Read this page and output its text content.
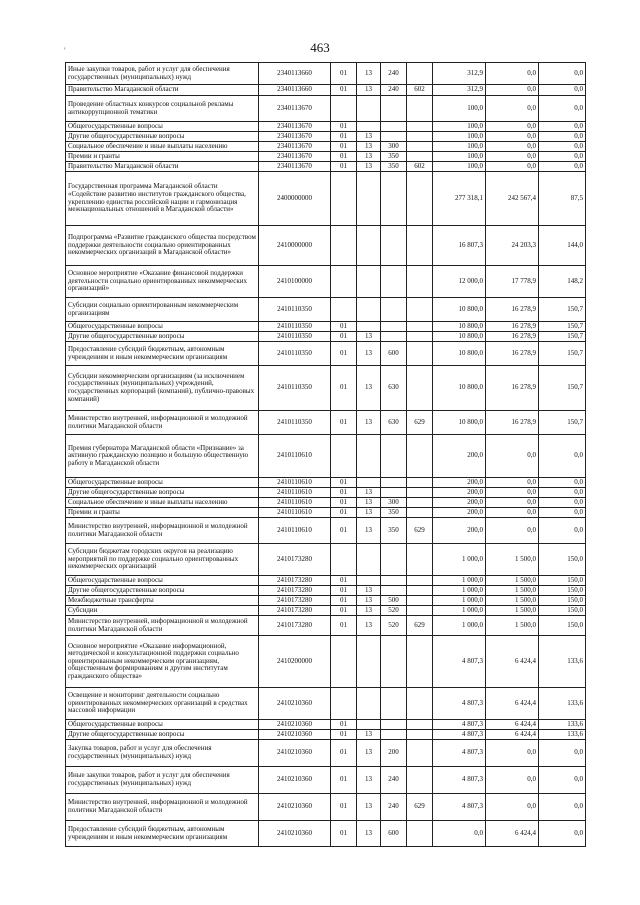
463
'
Иные закупки товаров, работ и услуг для обеспечения государственных (муниципальных) нужд	2340113660	01	13	240		312,9	0,0	0,0
Правительство Магаданской области	2340113660	01	13	240	602	312,9	0,0	0,0
Проведение областных конкурсов социальной рекламы антикоррупционной тематики	2340113670					100,0	0,0	0,0
Общегосударственные вопросы	2340113670	01				100,0	0,0	0,0
Другие общегосударственные вопросы	2340113670	01	13			100,0	0,0	0,0
Социальное обеспечение и иные выплаты населению	2340113670	01	13	300		100,0	0,0	0,0
Премии и гранты	2340113670	01	13	350		100,0	0,0	0,0
Правительство Магаданской области	2340113670	01	13	350	602	100,0	0,0	0,0
Государственная программа Магаданской области «Содействие развитию институтов гражданского общества, укреплению единства российской нации и гармонизация межнациональных отношений в Магаданской области»	2400000000					277 318,1	242 567,4	87,5
Подпрограмма «Развитие гражданского общества посредством поддержки деятельности социально ориентированных некоммерческих организаций в Магаданской области»	2410000000					16 807,3	24 203,3	144,0
Основное мероприятие «Оказание финансовой поддержки деятельности социально ориентированных некоммерческих организаций»	2410100000					12 000,0	17 778,9	148,2
Субсидии социально ориентированным некоммерческим организациям	2410110350					10 800,0	16 278,9	150,7
Общегосударственные вопросы	2410110350	01				10 800,0	16 278,9	150,7
Другие общегосударственные вопросы	2410110350	01	13			10 800,0	16 278,9	150,7
Предоставление субсидий бюджетным, автономным учреждениям и иным некоммерческим организациям	2410110350	01	13	600		10 800,0	16 278,9	150,7
Субсидии некоммерческим организациям (за исключением государственных (муниципальных) учреждений, государственных корпораций (компаний), публично-правовых компаний)	2410110350	01	13	630		10 800,0	16 278,9	150,7
Министерство внутренней, информационной и молодежной политики Магаданской области	2410110350	01	13	630	629	10 800,0	16 278,9	150,7
Премия губернатора Магаданской области «Признание» за активную гражданскую позицию и большую общественную работу в Магаданской области	2410110610					200,0	0,0	0,0
Общегосударственные вопросы	2410110610	01				200,0	0,0	0,0
Другие общегосударственные вопросы	2410110610	01	13			200,0	0,0	0,0
Социальное обеспечение и иные выплаты населению	2410110610	01	13	300		200,0	0,0	0,0
Премии и гранты	2410110610	01	13	350		200,0	0,0	0,0
Министерство внутренней, информационной и молодежной политики Магаданской области	2410110610	01	13	350	629	200,0	0,0	0,0
Субсидии бюджетам городских округов на реализацию мероприятий по поддержке социально ориентированных некоммерческих организаций	2410173280					1 000,0	1 500,0	150,0
Общегосударственные вопросы	2410173280	01				1 000,0	1 500,0	150,0
Другие общегосударственные вопросы	2410173280	01	13			1 000,0	1 500,0	150,0
Межбюджетные трансферты	2410173280	01	13	500		1 000,0	1 500,0	150,0
Субсидии	2410173280	01	13	520		1 000,0	1 500,0	150,0
Министерство внутренней, информационной и молодежной политики Магаданской области	2410173280	01	13	520	629	1 000,0	1 500,0	150,0
Основное мероприятие «Оказание информационной, методической и консультационной поддержки социально ориентированным некоммерческим организациям, общественным формированиям и другим институтам гражданского общества»	2410200000					4 807,3	6 424,4	133,6
Освещение и мониторинг деятельности социально ориентированных некоммерческих организаций в средствах массовой информации	2410210360					4 807,3	6 424,4	133,6
Общегосударственные вопросы	2410210360	01				4 807,3	6 424,4	133,6
Другие общегосударственные вопросы	2410210360	01	13			4 807,3	6 424,4	133,6
Закупка товаров, работ и услуг для обеспечения государственных (муниципальных) нужд	2410210360	01	13	200		4 807,3	0,0	0,0
Иные закупки товаров, работ и услуг для обеспечения государственных (муниципальных) нужд	2410210360	01	13	240		4 807,3	0,0	0,0
Министерство внутренней, информационной и молодежной политики Магаданской области	2410210360	01	13	240	629	4 807,3	0,0	0,0
Предоставление субсидий бюджетным, автономным учреждениям и иным некоммерческим организациям	2410210360	01	13	600		0,0	6 424,4	0,0
